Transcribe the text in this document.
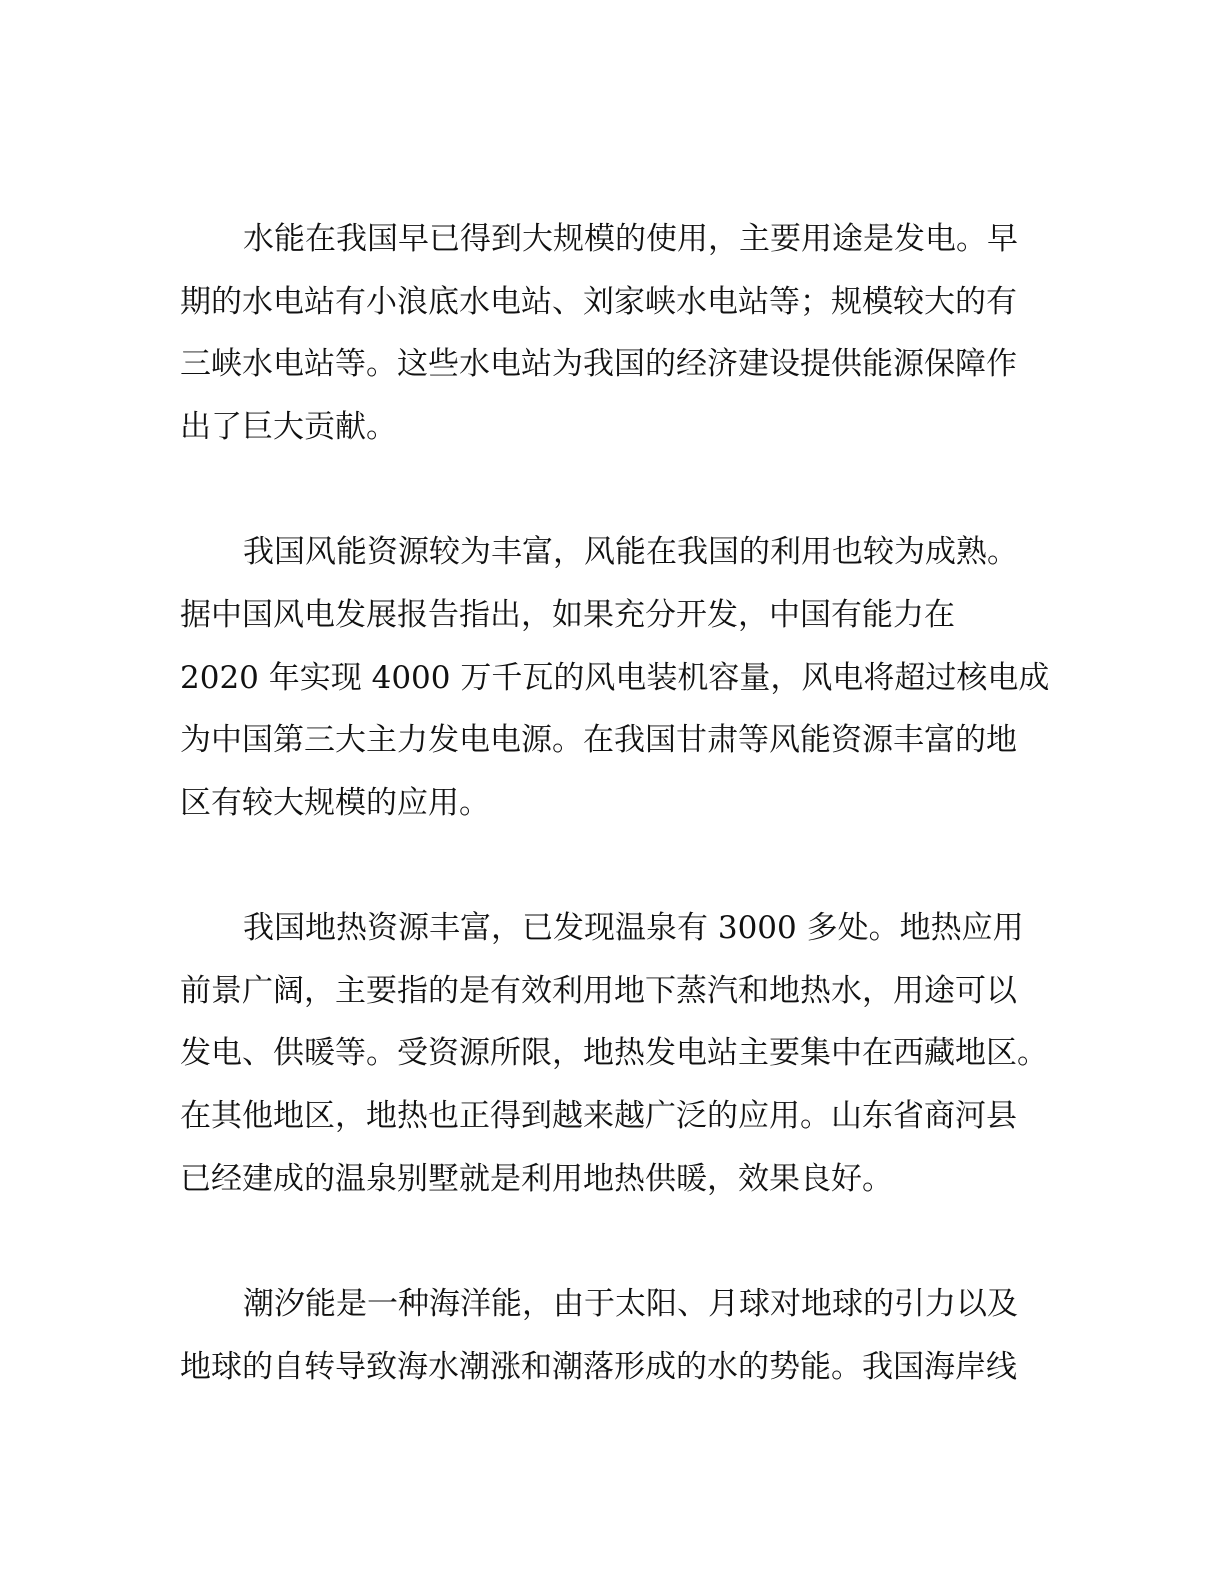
水能在我国早已得到大规模的使用，主要用途是发电。早

期的水电站有小浪底水电站、刘家峡水电站等；规模较大的有

三峡水电站等。这些水电站为我国的经济建设提供能源保障作

出了巨大贡献。

我国风能资源较为丰富，风能在我国的利用也较为成熟。

据中国风电发展报告指出，如果充分开发，中国有能力在

2020 年实现 4000 万千瓦的风电装机容量，风电将超过核电成

为中国第三大主力发电电源。在我国甘肃等风能资源丰富的地

区有较大规模的应用。

我国地热资源丰富，已发现温泉有 3000 多处。地热应用

前景广阔，主要指的是有效利用地下蒸汽和地热水，用途可以

发电、供暖等。受资源所限，地热发电站主要集中在西藏地区。

在其他地区，地热也正得到越来越广泛的应用。山东省商河县

已经建成的温泉别墅就是利用地热供暖，效果良好。

潮汐能是一种海洋能，由于太阳、月球对地球的引力以及

地球的自转导致海水潮涨和潮落形成的水的势能。我国海岸线
